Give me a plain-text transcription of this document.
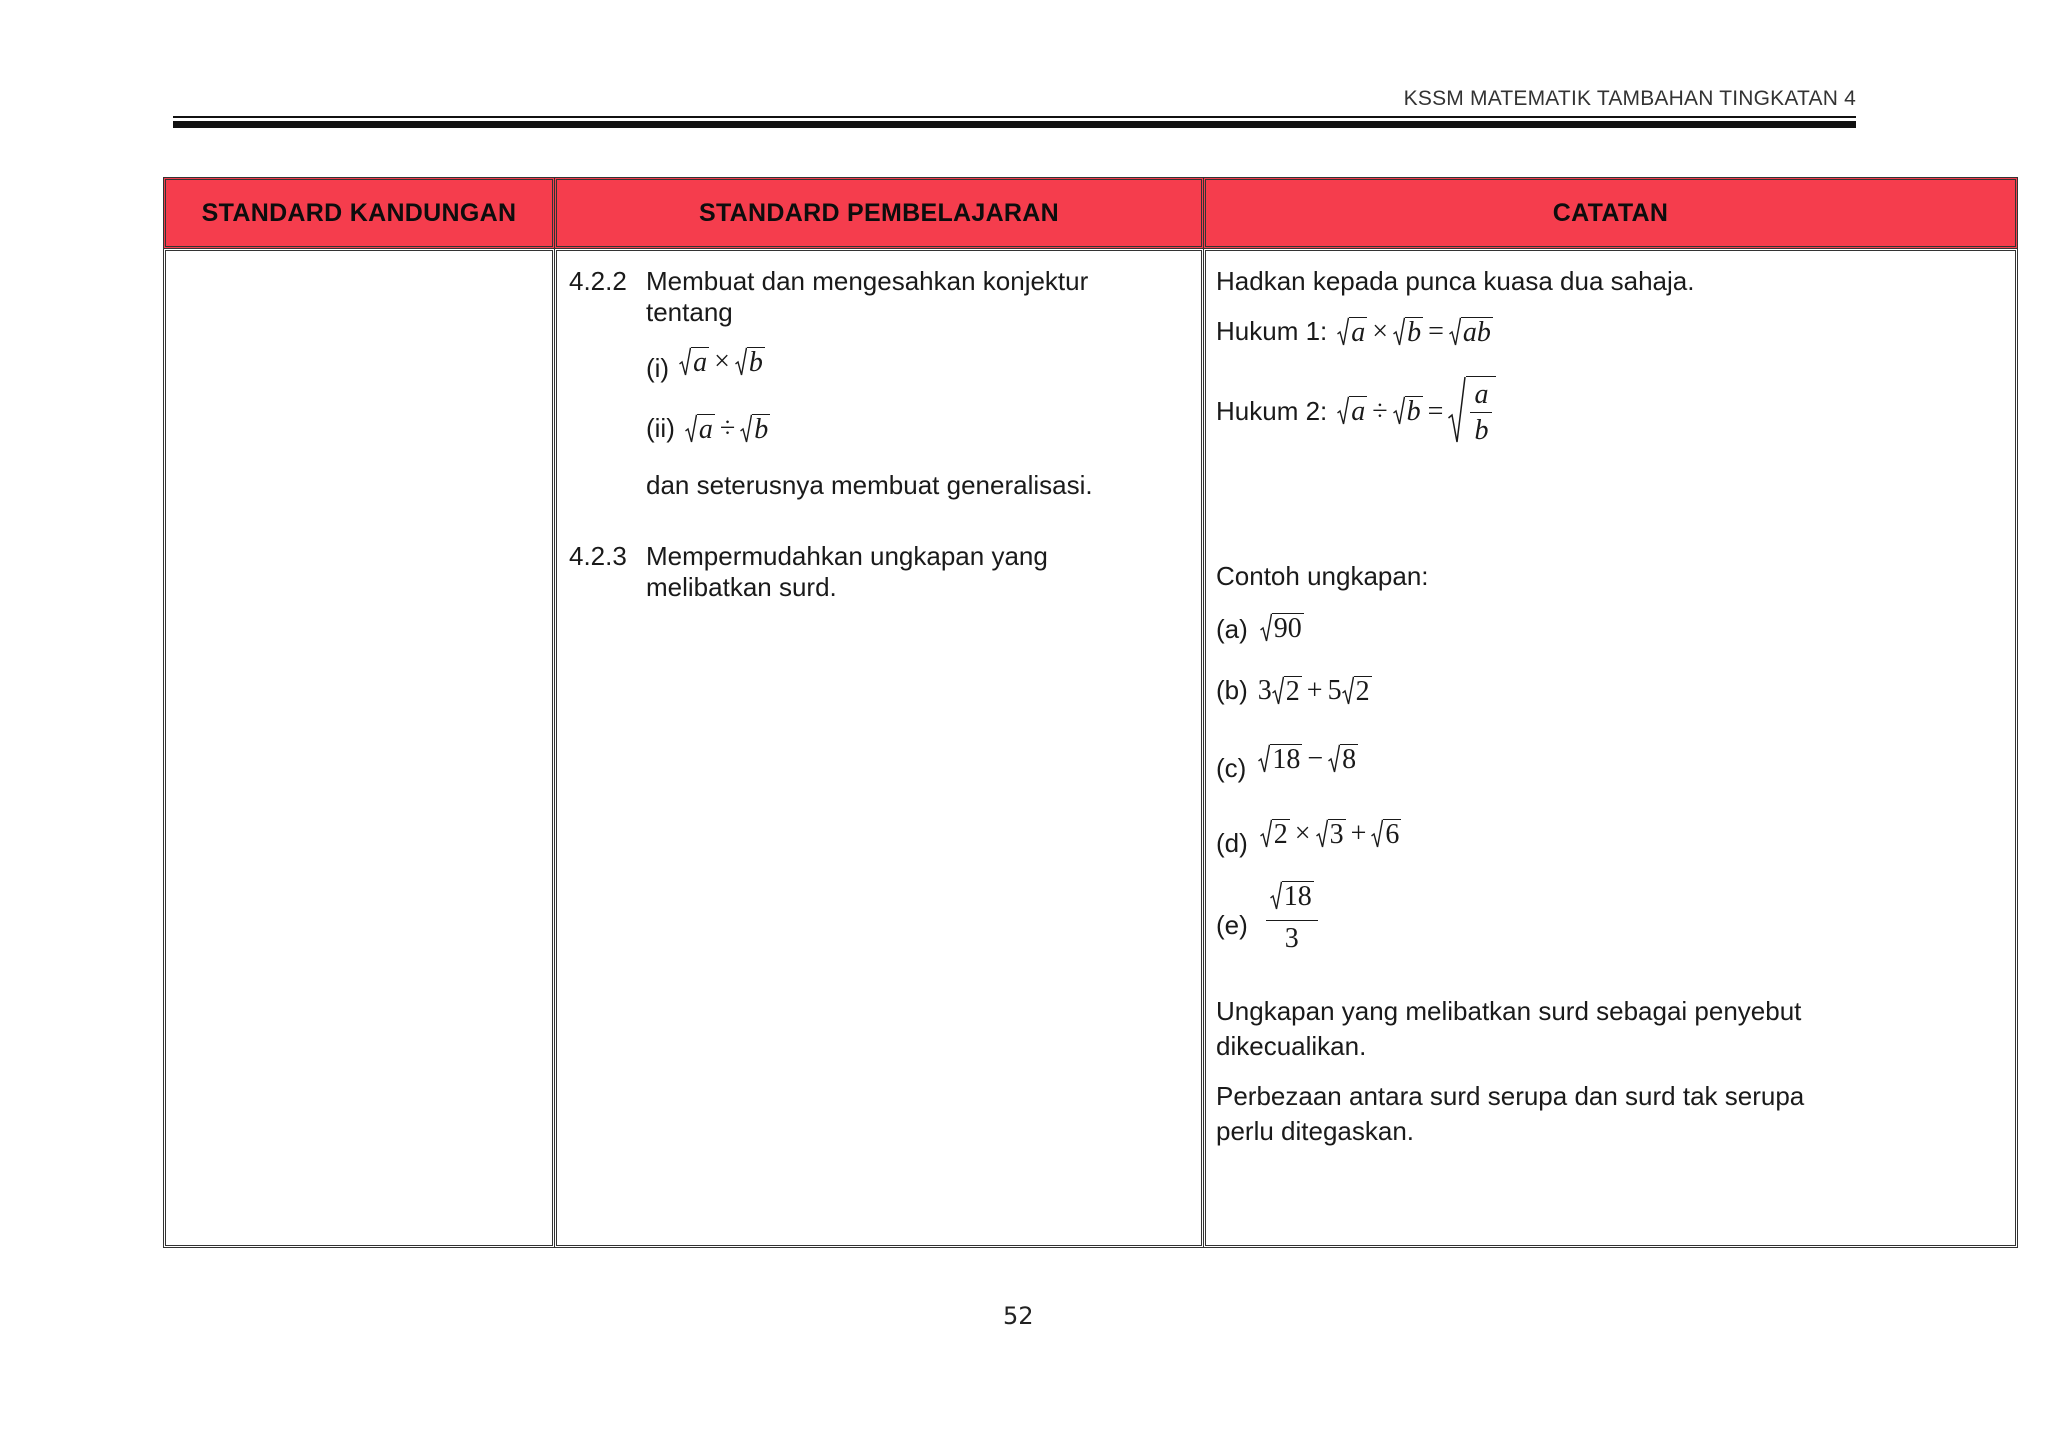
KSSM MATEMATIK TAMBAHAN TINGKATAN 4
STANDARD KANDUNGAN	STANDARD PEMBELAJARAN	CATATAN
4.2.2 Membuat dan mengesahkan konjektur
tentang
(i) a × b
(ii) a ÷ b
dan seterusnya membuat generalisasi.
4.2.3 Mempermudahkan ungkapan yang
melibatkan surd.
Hadkan kepada punca kuasa dua sahaja.
Hukum 1: a × b = ab
Hukum 2: $a \div b = \frac{a}{b}$
Contoh ungkapan:
(a) 90
(b) 3 2 + 5 2
(c) 18 − 8
(d) 2 × 3 + 6
$(e) \frac{18}{3}$
Ungkapan yang melibatkan surd sebagai penyebut
dikecualikan.
Perbezaan antara surd serupa dan surd tak serupa
perlu ditegaskan.
52
